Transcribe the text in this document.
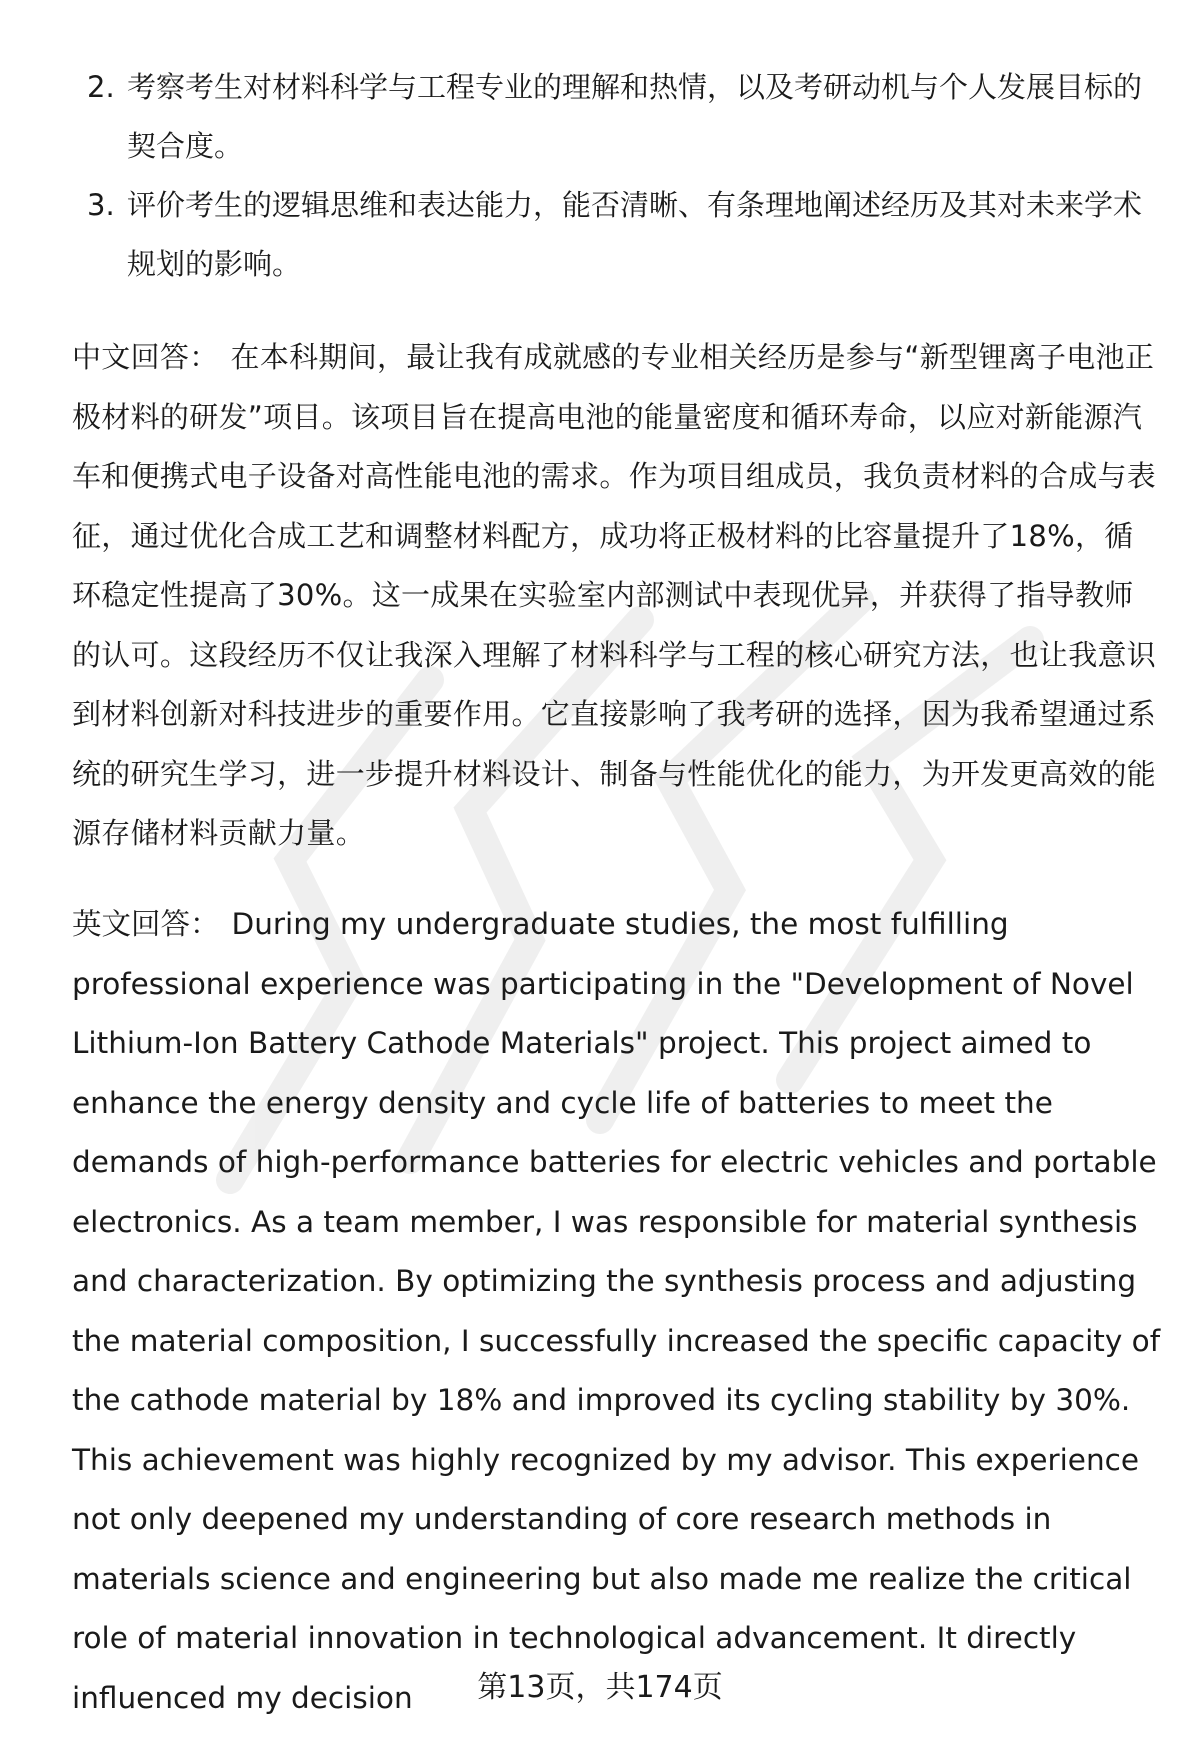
2. 考察考生对材料科学与工程专业的理解和热情，以及考研动机与个人发展目标的契合度。
3. 评价考生的逻辑思维和表达能力，能否清晰、有条理地阐述经历及其对未来学术规划的影响。

中文回答： 在本科期间，最让我有成就感的专业相关经历是参与“新型锂离子电池正极材料的研发”项目。该项目旨在提高电池的能量密度和循环寿命，以应对新能源汽车和便携式电子设备对高性能电池的需求。作为项目组成员，我负责材料的合成与表征，通过优化合成工艺和调整材料配方，成功将正极材料的比容量提升了18%，循环稳定性提高了30%。这一成果在实验室内部测试中表现优异，并获得了指导教师的认可。这段经历不仅让我深入理解了材料科学与工程的核心研究方法，也让我意识到材料创新对科技进步的重要作用。它直接影响了我考研的选择，因为我希望通过系统的研究生学习，进一步提升材料设计、制备与性能优化的能力，为开发更高效的能源存储材料贡献力量。

英文回答： During my undergraduate studies, the most fulfilling professional experience was participating in the "Development of Novel Lithium-Ion Battery Cathode Materials" project. This project aimed to enhance the energy density and cycle life of batteries to meet the demands of high-performance batteries for electric vehicles and portable electronics. As a team member, I was responsible for material synthesis and characterization. By optimizing the synthesis process and adjusting the material composition, I successfully increased the specific capacity of the cathode material by 18% and improved its cycling stability by 30%. This achievement was highly recognized by my advisor. This experience not only deepened my understanding of core research methods in materials science and engineering but also made me realize the critical role of material innovation in technological advancement. It directly influenced my decision	第13页，共174页
